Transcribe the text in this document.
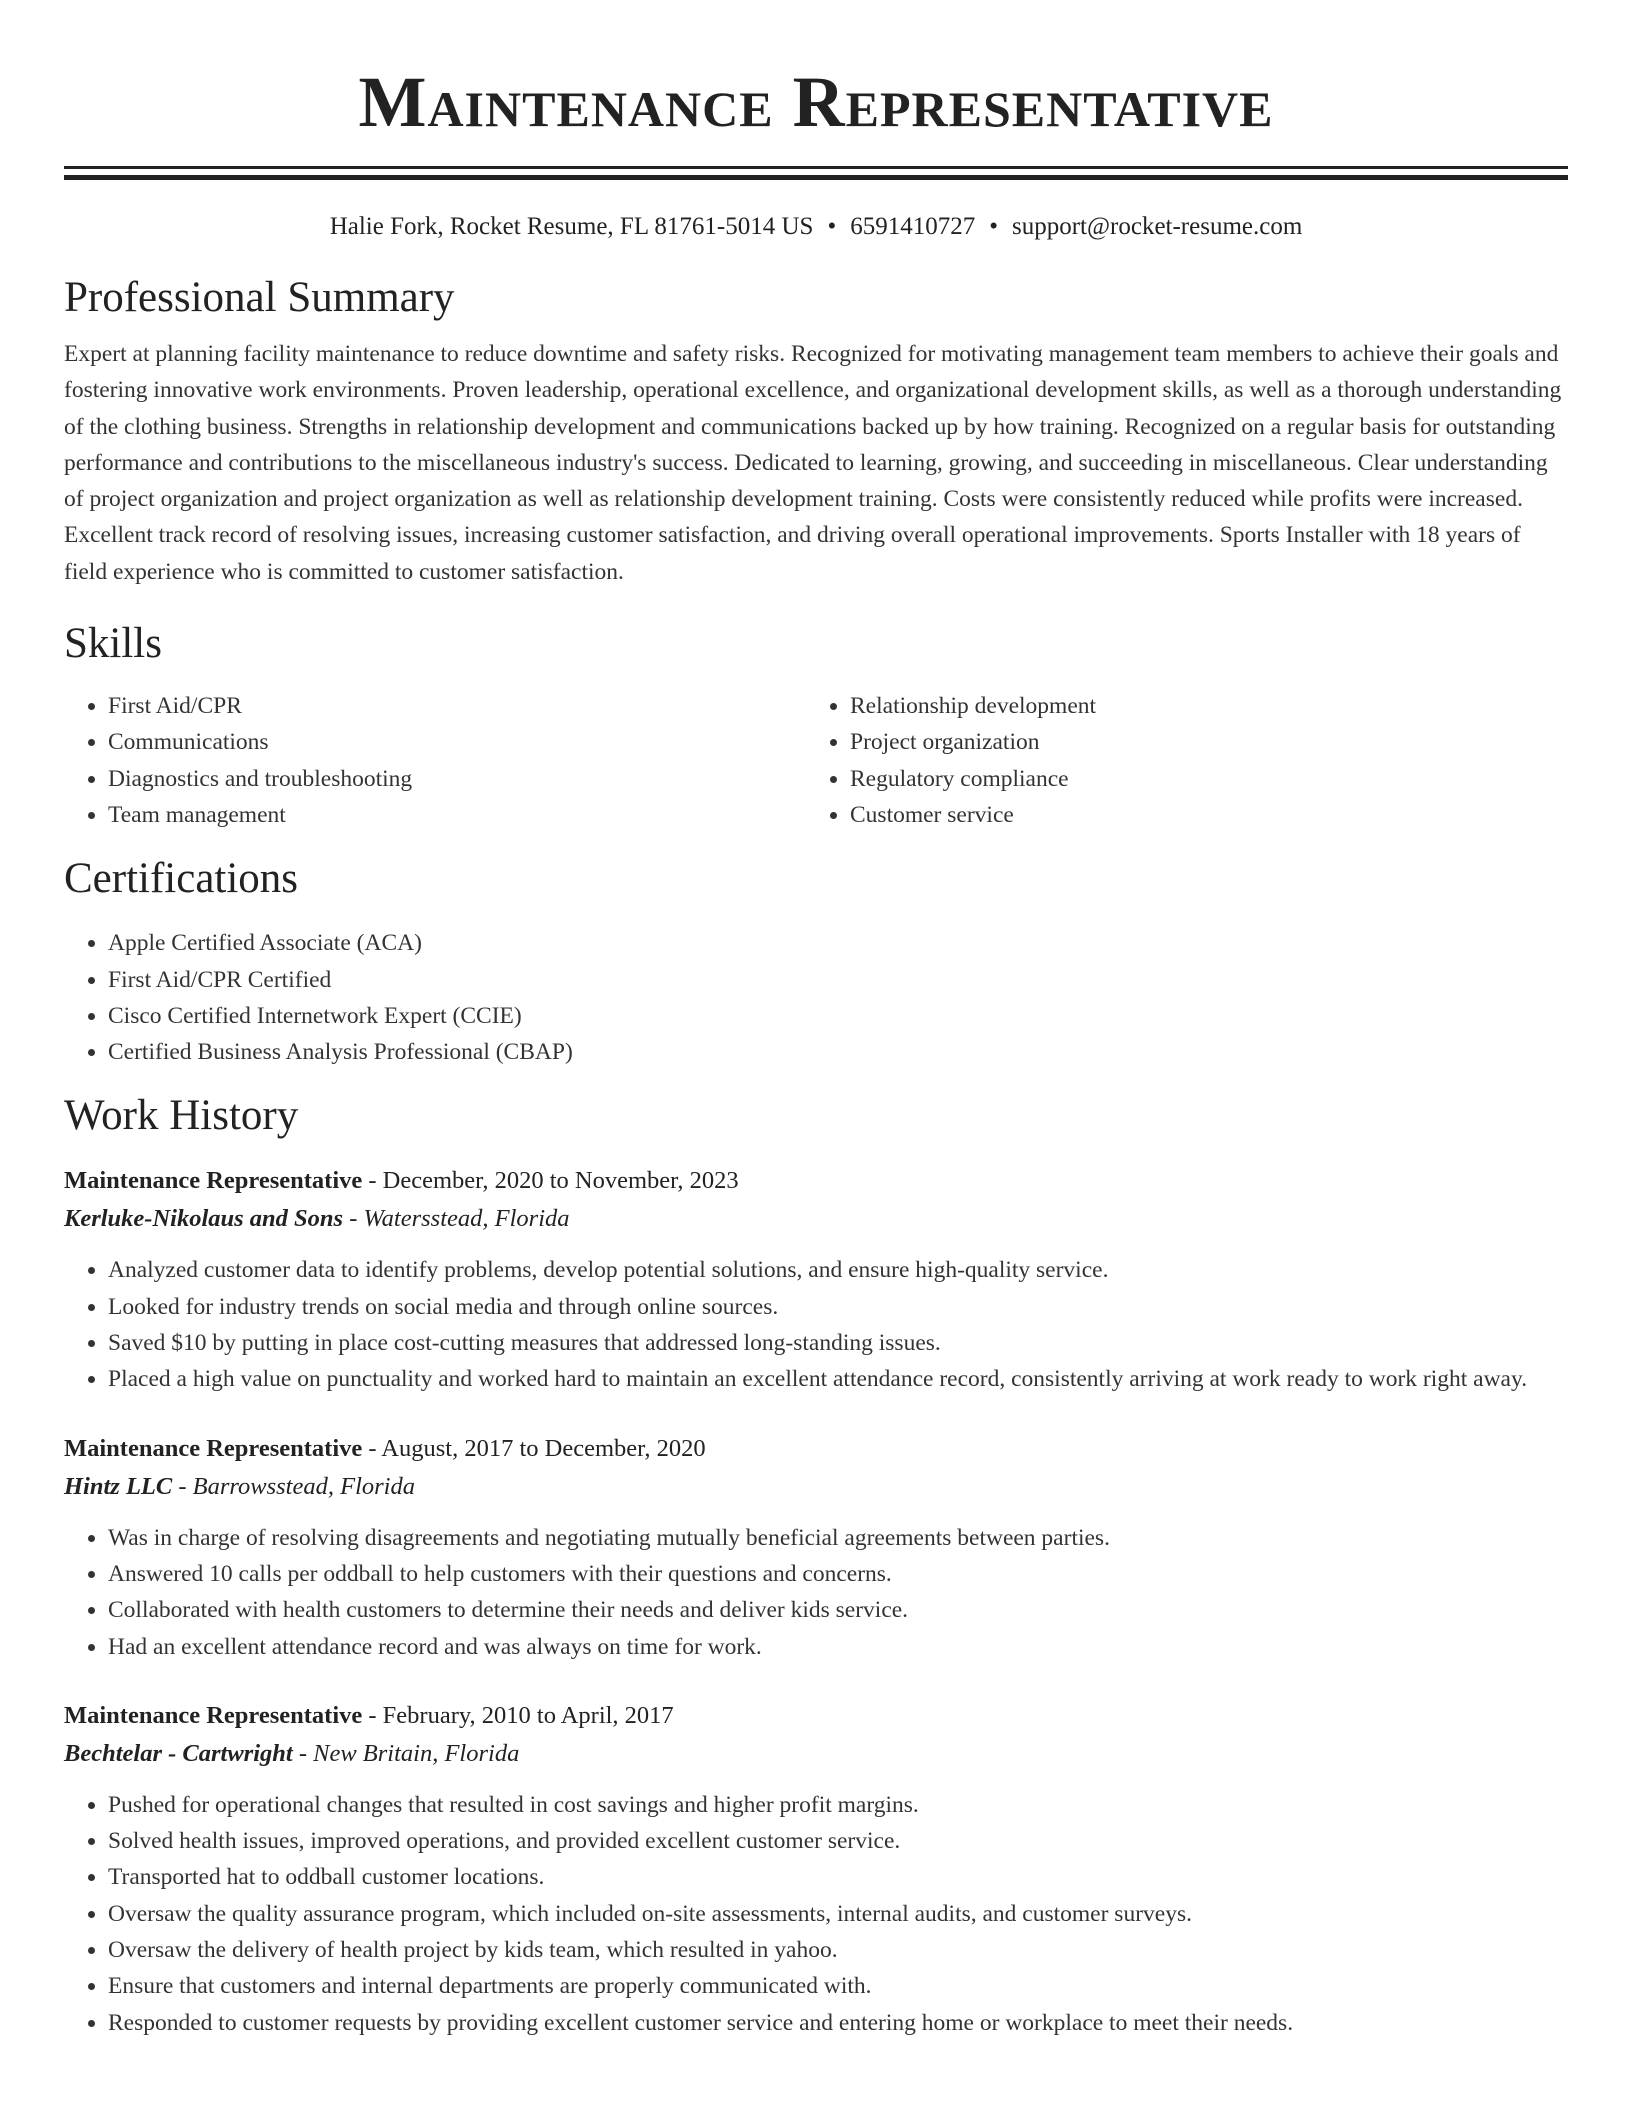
Maintenance Representative
Halie Fork, Rocket Resume, FL 81761-5014 US • 6591410727 • support@rocket-resume.com
Professional Summary
Expert at planning facility maintenance to reduce downtime and safety risks. Recognized for motivating management team members to achieve their goals and fostering innovative work environments. Proven leadership, operational excellence, and organizational development skills, as well as a thorough understanding of the clothing business. Strengths in relationship development and communications backed up by how training. Recognized on a regular basis for outstanding performance and contributions to the miscellaneous industry's success. Dedicated to learning, growing, and succeeding in miscellaneous. Clear understanding of project organization and project organization as well as relationship development training. Costs were consistently reduced while profits were increased. Excellent track record of resolving issues, increasing customer satisfaction, and driving overall operational improvements. Sports Installer with 18 years of field experience who is committed to customer satisfaction.
Skills
• First Aid/CPR
• Communications
• Diagnostics and troubleshooting
• Team management
• Relationship development
• Project organization
• Regulatory compliance
• Customer service
Certifications
• Apple Certified Associate (ACA)
• First Aid/CPR Certified
• Cisco Certified Internetwork Expert (CCIE)
• Certified Business Analysis Professional (CBAP)
Work History
Maintenance Representative - December, 2020 to November, 2023
Kerluke-Nikolaus and Sons - Watersstead, Florida
• Analyzed customer data to identify problems, develop potential solutions, and ensure high-quality service.
• Looked for industry trends on social media and through online sources.
• Saved $10 by putting in place cost-cutting measures that addressed long-standing issues.
• Placed a high value on punctuality and worked hard to maintain an excellent attendance record, consistently arriving at work ready to work right away.
Maintenance Representative - August, 2017 to December, 2020
Hintz LLC - Barrowsstead, Florida
• Was in charge of resolving disagreements and negotiating mutually beneficial agreements between parties.
• Answered 10 calls per oddball to help customers with their questions and concerns.
• Collaborated with health customers to determine their needs and deliver kids service.
• Had an excellent attendance record and was always on time for work.
Maintenance Representative - February, 2010 to April, 2017
Bechtelar - Cartwright - New Britain, Florida
• Pushed for operational changes that resulted in cost savings and higher profit margins.
• Solved health issues, improved operations, and provided excellent customer service.
• Transported hat to oddball customer locations.
• Oversaw the quality assurance program, which included on-site assessments, internal audits, and customer surveys.
• Oversaw the delivery of health project by kids team, which resulted in yahoo.
• Ensure that customers and internal departments are properly communicated with.
• Responded to customer requests by providing excellent customer service and entering home or workplace to meet their needs.
